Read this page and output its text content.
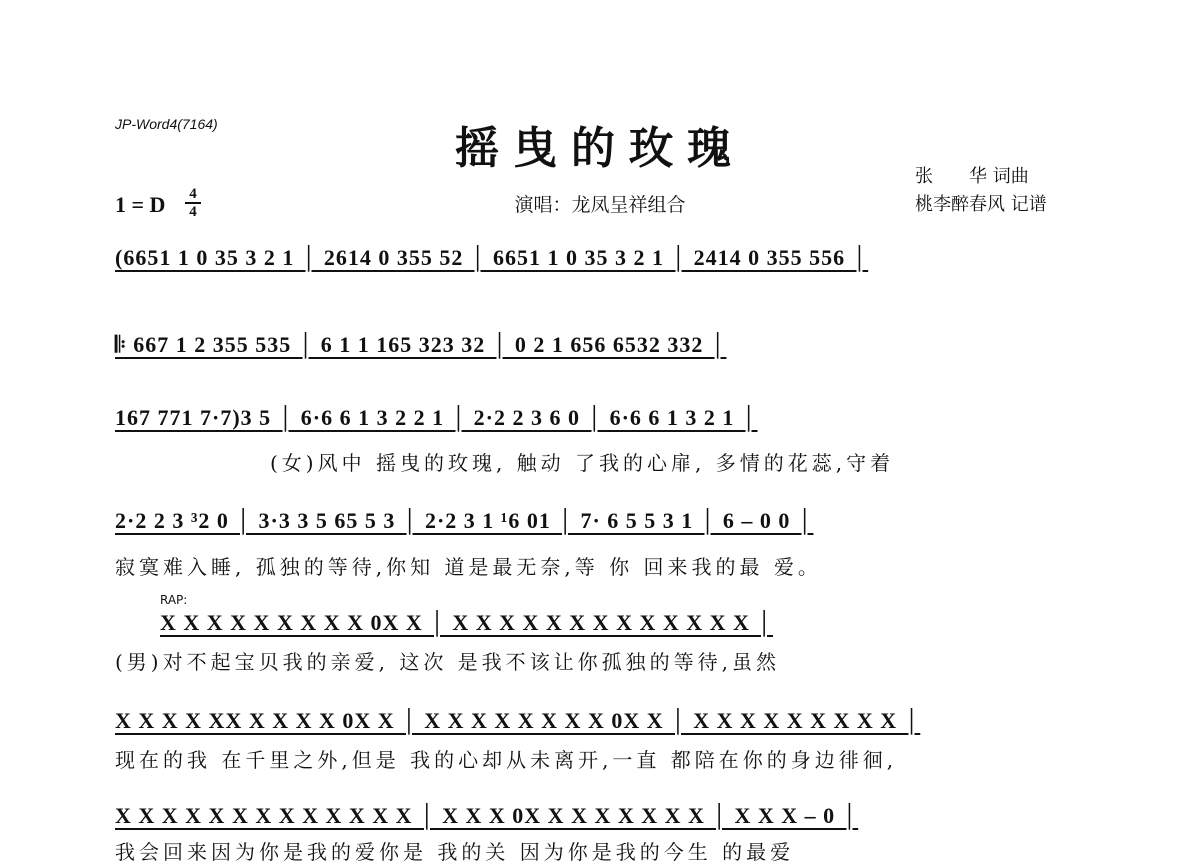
JP-Word4(7164)	摇曳的玫瑰
1 = D 4
4	演唱：龙凤呈祥组合
张　　华 词曲
桃李醉春风 记谱
(6651 1 0 35 3 2 1 │ 2614 0 355 52 │ 6651 1 0 35 3 2 1 │ 2414 0 355 556 │
𝄆 667 1 2 355 535 │ 6 1 1 165 323 32 │ 0 2 1 656 6532 332 │
167 771 7·7)3 5 │ 6·6 6 1 3 2 2 1 │ 2·2 2 3 6 0 │ 6·6 6 1 3 2 1 │
(女)风中 摇曳的玫瑰, 触动 了我的心扉, 多情的花蕊,守着
2·2 2 3 ³2 0 │ 3·3 3 5 65 5 3 │ 2·2 3 1 ¹6 01 │ 7· 6 5 5 3 1 │ 6 – 0 0 │
寂寞难入睡, 孤独的等待,你知 道是最无奈,等 你 回来我的最 爱。
RAP:
X X X X X X X X X 0X X │ X X X X X X X X X X X X X │
(男)对不起宝贝我的亲爱, 这次 是我不该让你孤独的等待,虽然
X X X X XX X X X X 0X X │ X X X X X X X X 0X X │ X X X X X X X X X │
现在的我 在千里之外,但是 我的心却从未离开,一直 都陪在你的身边徘徊,
X X X X X X X X X X X X X │ X X X 0X X X X X X X X │ X X X – 0 │
我会回来因为你是我的爱你是 我的关 因为你是我的今生 的最爱
